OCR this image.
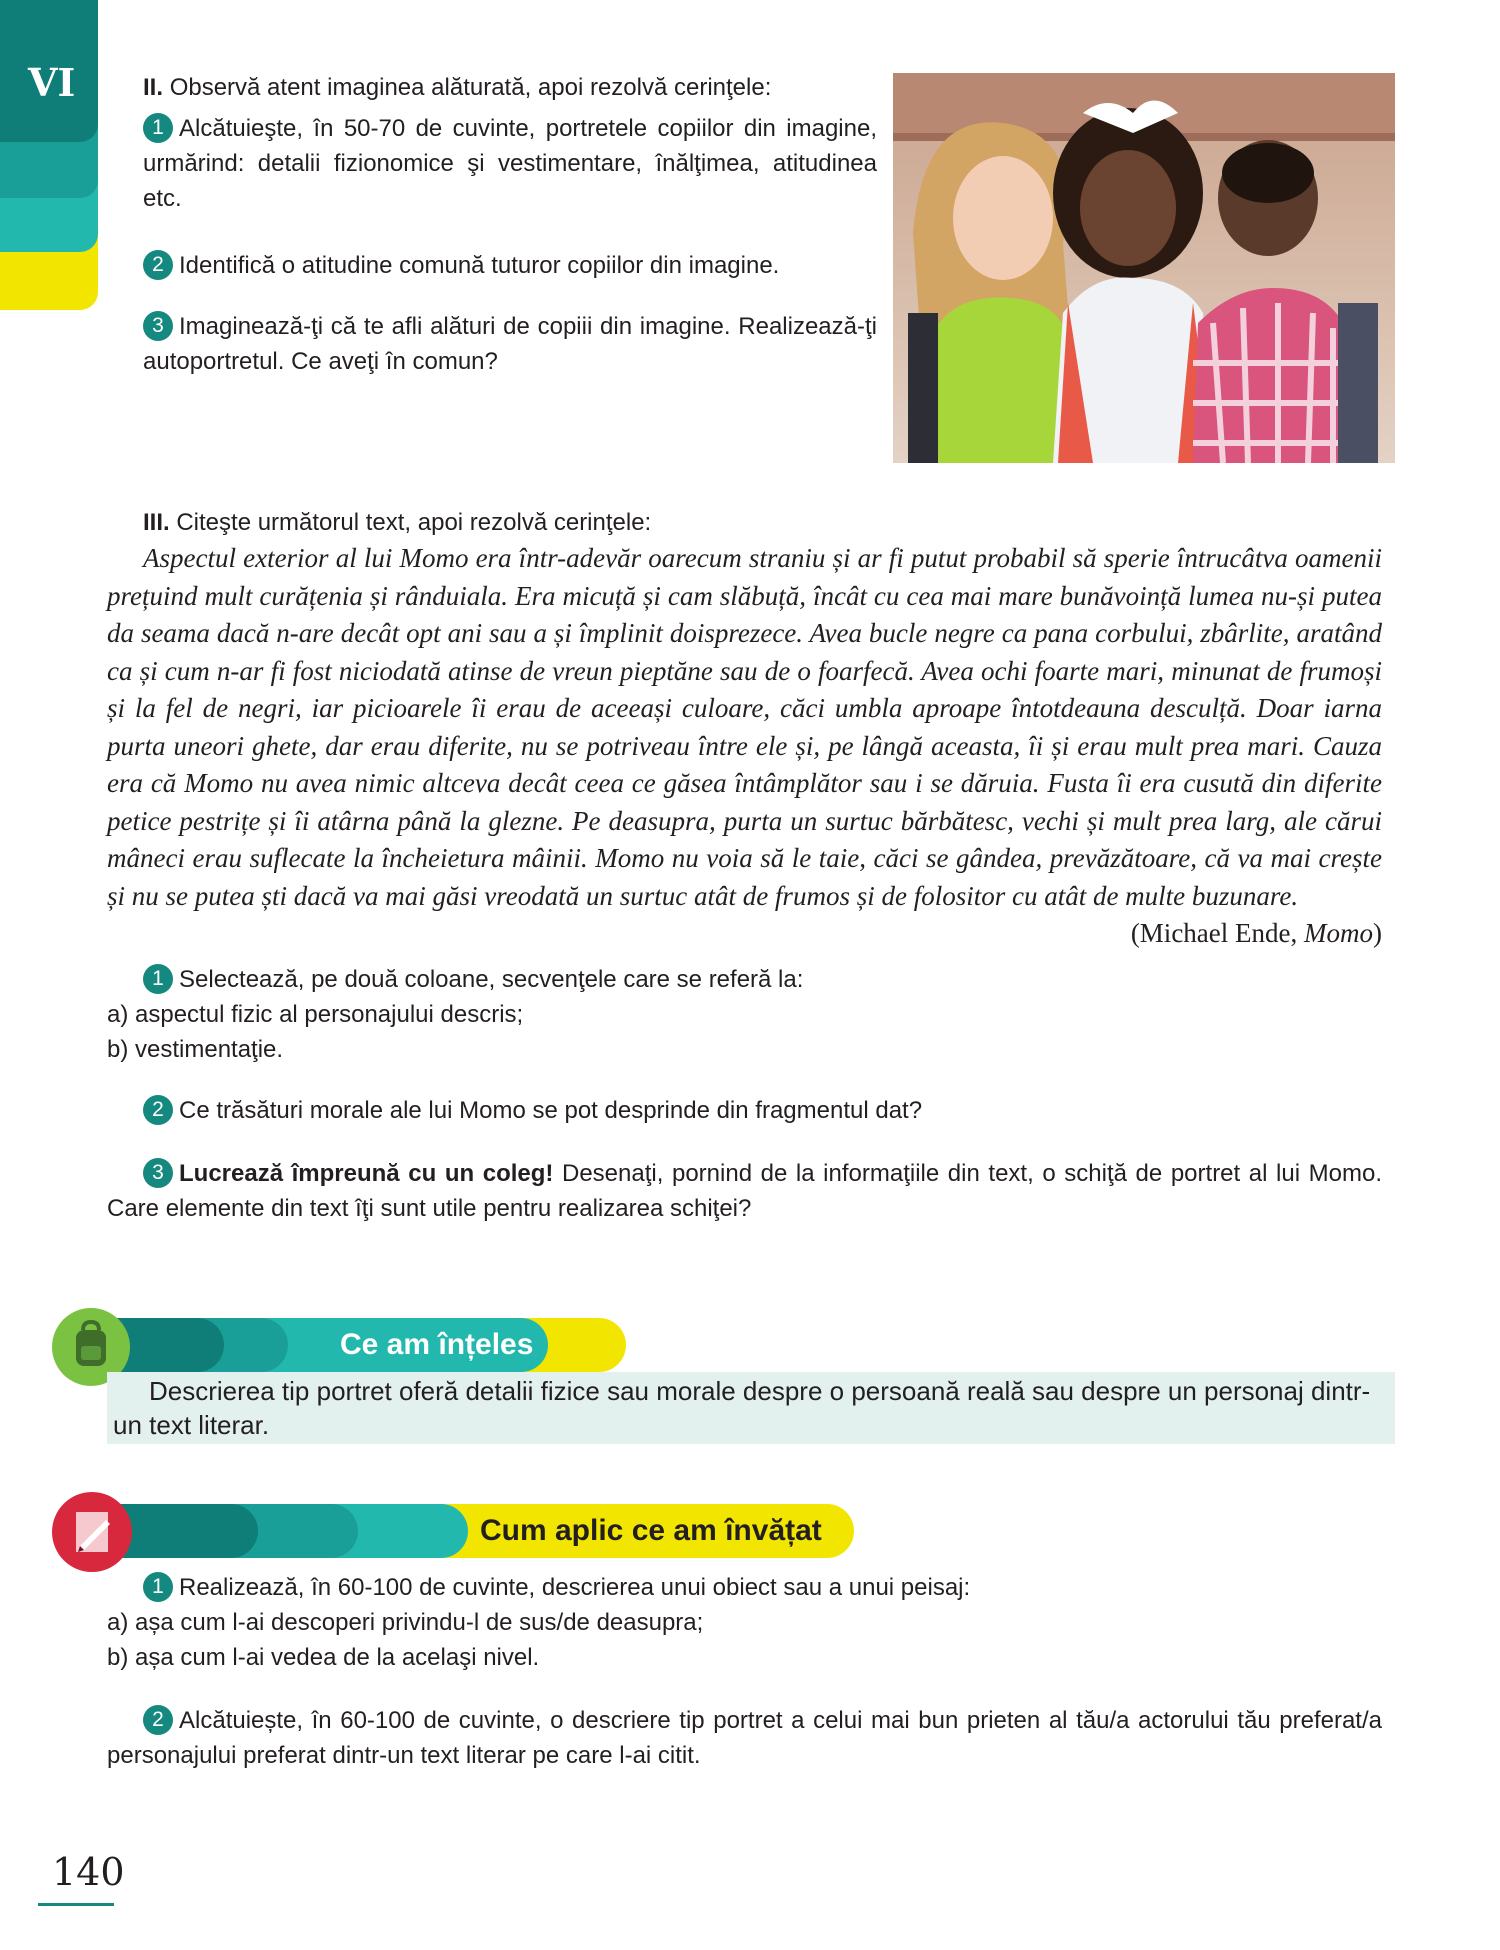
VI	II. Observă atent imaginea alăturată, apoi rezolvă cerinţele:
1 Alcătuieşte, în 50-70 de cuvinte, portretele copiilor din imagine, urmărind: detalii fizionomice şi vestimentare, înălţimea, atitudinea etc.
2 Identifică o atitudine comună tuturor copiilor din imagine.
3 Imaginează-ţi că te afli alături de copiii din imagine. Realizează-ţi autoportretul. Ce aveţi în comun?
III. Citeşte următorul text, apoi rezolvă cerinţele:

Aspectul exterior al lui Momo era într-adevăr oarecum straniu și ar fi putut probabil să sperie întrucâtva oamenii prețuind mult curățenia și rânduiala. Era micuță și cam slăbuță, încât cu cea mai mare bunăvoință lumea nu-și putea da seama dacă n-are decât opt ani sau a și împlinit doisprezece. Avea bucle negre ca pana corbului, zbârlite, aratând ca și cum n-ar fi fost niciodată atinse de vreun pieptăne sau de o foarfecă. Avea ochi foarte mari, minunat de frumoși și la fel de negri, iar picioarele îi erau de aceeași culoare, căci umbla aproape întotdeauna desculță. Doar iarna purta uneori ghete, dar erau diferite, nu se potriveau între ele și, pe lângă aceasta, îi și erau mult prea mari. Cauza era că Momo nu avea nimic altceva decât ceea ce găsea întâmplător sau i se dăruia. Fusta îi era cusută din diferite petice pestrițe și îi atârna până la glezne. Pe deasupra, purta un surtuc bărbătesc, vechi și mult prea larg, ale cărui mâneci erau suflecate la încheietura mâinii. Momo nu voia să le taie, căci se gândea, prevăzătoare, că va mai crește și nu se putea ști dacă va mai găsi vreodată un surtuc atât de frumos și de folositor cu atât de multe buzunare.

(Michael Ende, Momo)
1 Selectează, pe două coloane, secvenţele care se referă la:
a) aspectul fizic al personajului descris;
b) vestimentaţie.
2 Ce trăsături morale ale lui Momo se pot desprinde din fragmentul dat?
3 Lucrează împreună cu un coleg! Desenaţi, pornind de la informaţiile din text, o schiţă de portret al lui Momo. Care elemente din text îţi sunt utile pentru realizarea schiţei?
Ce am înțeles
Descrierea tip portret oferă detalii fizice sau morale despre o persoană reală sau despre un personaj dintr-un text literar.
Cum aplic ce am învățat
1 Realizează, în 60-100 de cuvinte, descrierea unui obiect sau a unui peisaj:
a) așa cum l-ai descoperi privindu-l de sus/de deasupra;
b) așa cum l-ai vedea de la acelaşi nivel.
2 Alcătuiește, în 60-100 de cuvinte, o descriere tip portret a celui mai bun prieten al tău/a actorului tău preferat/a personajului preferat dintr-un text literar pe care l-ai citit.
140
